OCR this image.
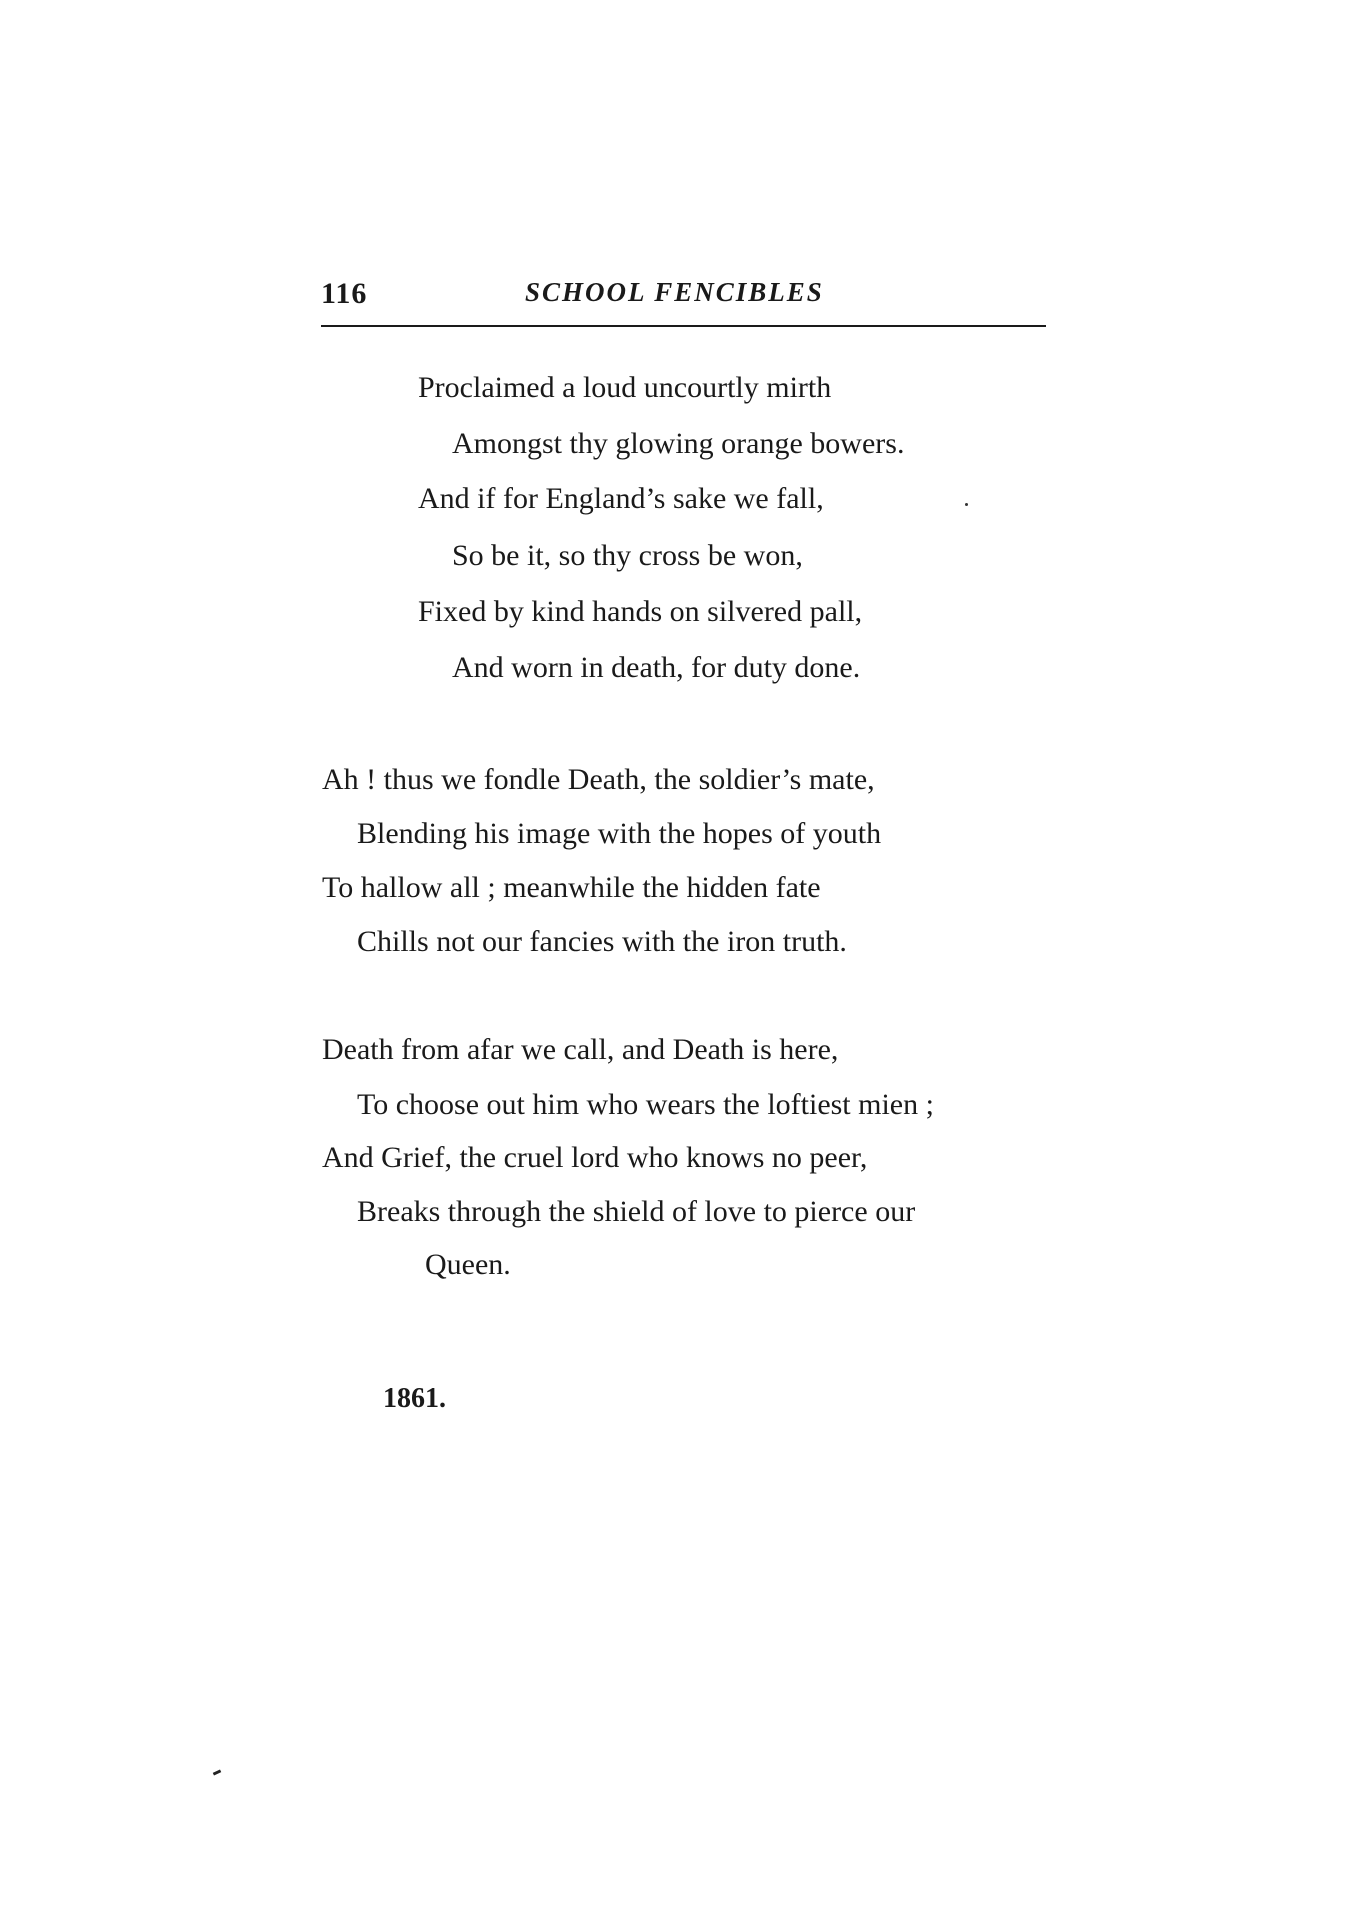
116	SCHOOL FENCIBLES
Proclaimed a loud uncourtly mirth
Amongst thy glowing orange bowers.
And if for England’s sake we fall,
So be it, so thy cross be won,
Fixed by kind hands on silvered pall,
And worn in death, for duty done.
Ah ! thus we fondle Death, the soldier’s mate,
Blending his image with the hopes of youth
To hallow all ; meanwhile the hidden fate
Chills not our fancies with the iron truth.
Death from afar we call, and Death is here,
To choose out him who wears the loftiest mien ;
And Grief, the cruel lord who knows no peer,
Breaks through the shield of love to pierce our
Queen.
1861.
